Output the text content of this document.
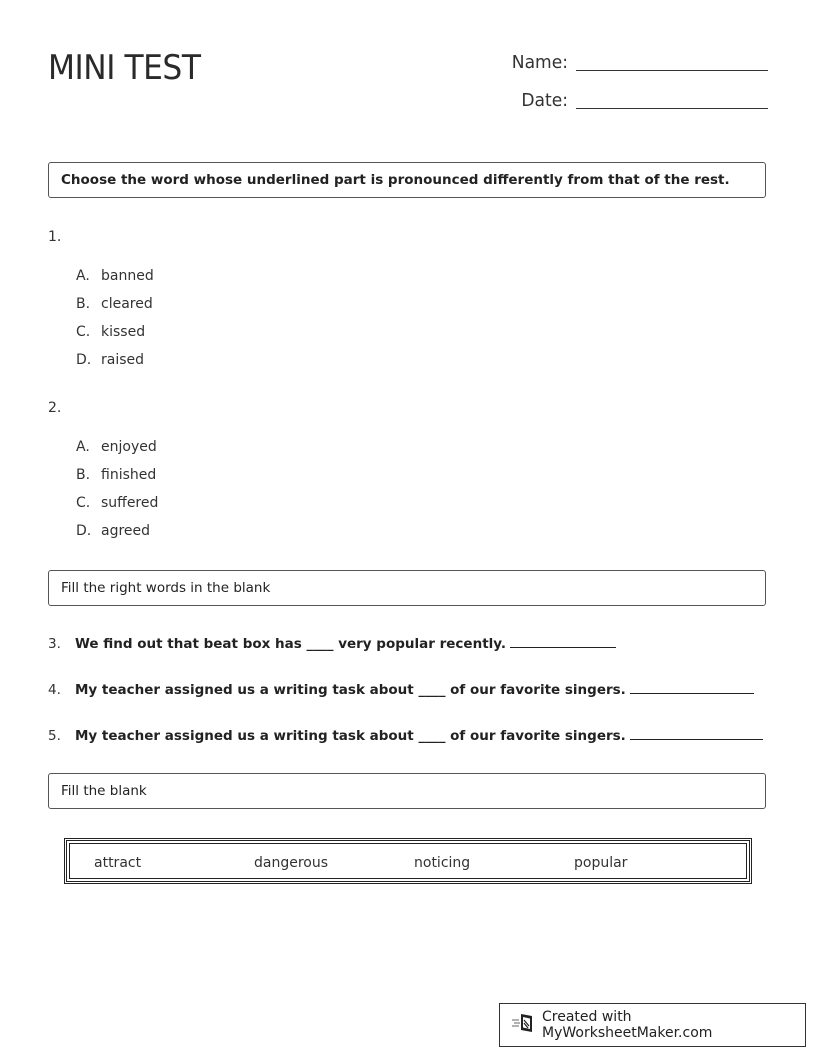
MINI TEST	Name:
Date:
Choose the word whose underlined part is pronounced differently from that of the rest.
1.
A. banned
B. cleared
C. kissed
D. raised
2.
A. enjoyed
B. finished
C. suffered
D. agreed
Fill the right words in the blank
3.	We find out that beat box has ____ very popular recently.
4.	My teacher assigned us a writing task about ____ of our favorite singers.
5.	My teacher assigned us a writing task about ____ of our favorite singers.
Fill the blank
attract	dangerous	noticing	popular
Created with MyWorksheetMaker.com
